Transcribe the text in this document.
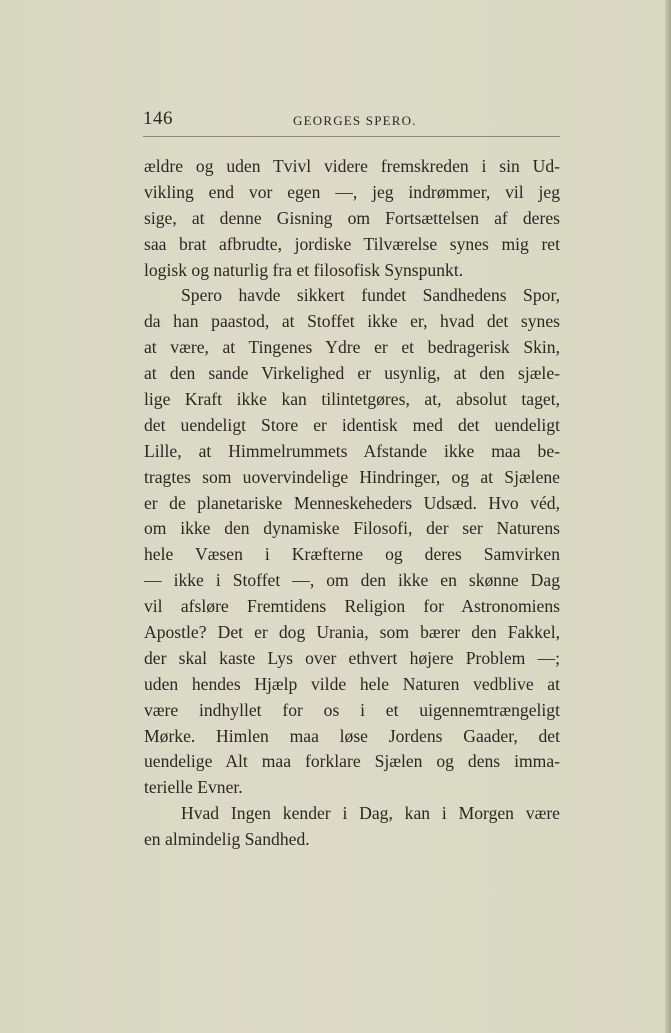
146	GEORGES SPERO.
ældre og uden Tvivl videre fremskreden i sin Ud-
vikling end vor egen —, jeg indrømmer, vil jeg
sige, at denne Gisning om Fortsættelsen af deres
saa brat afbrudte, jordiske Tilværelse synes mig ret
logisk og naturlig fra et filosofisk Synspunkt.
Spero havde sikkert fundet Sandhedens Spor,
da han paastod, at Stoffet ikke er, hvad det synes
at være, at Tingenes Ydre er et bedragerisk Skin,
at den sande Virkelighed er usynlig, at den sjæle-
lige Kraft ikke kan tilintetgøres, at, absolut taget,
det uendeligt Store er identisk med det uendeligt
Lille, at Himmelrummets Afstande ikke maa be-
tragtes som uovervindelige Hindringer, og at Sjælene
er de planetariske Menneskeheders Udsæd. Hvo véd,
om ikke den dynamiske Filosofi, der ser Naturens
hele Væsen i Kræfterne og deres Samvirken
— ikke i Stoffet —, om den ikke en skønne Dag
vil afsløre Fremtidens Religion for Astronomiens
Apostle? Det er dog Urania, som bærer den Fakkel,
der skal kaste Lys over ethvert højere Problem —;
uden hendes Hjælp vilde hele Naturen vedblive at
være indhyllet for os i et uigennemtrængeligt
Mørke. Himlen maa løse Jordens Gaader, det
uendelige Alt maa forklare Sjælen og dens imma-
terielle Evner.
Hvad Ingen kender i Dag, kan i Morgen være
en almindelig Sandhed.
